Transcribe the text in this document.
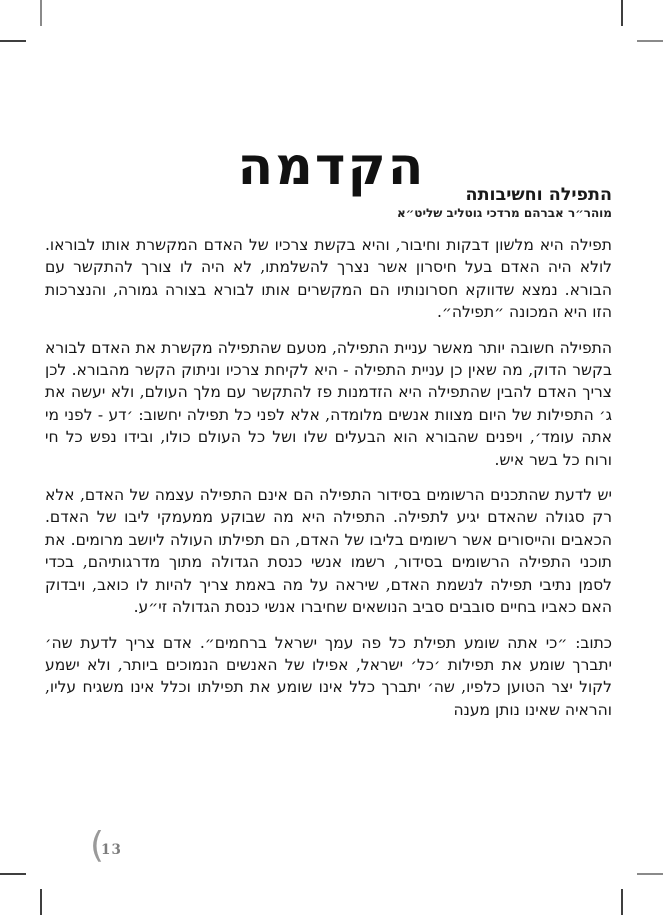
הקדמה	התפילה וחשיבותה
מוהר״ר אברהם מרדכי גוטליב שליט״א

תפילה היא מלשון דבקות וחיבור, והיא בקשת צרכיו של האדם המקשרת אותו לבוראו. לולא היה האדם בעל חיסרון אשר נצרך להשלמתו, לא היה לו צורך להתקשר עם הבורא. נמצא שדווקא חסרונותיו הם המקשרים אותו לבורא בצורה גמורה, והנצרכות הזו היא המכונה ״תפילה״.

התפילה חשובה יותר מאשר עניית התפילה, מטעם שהתפילה מקשרת את האדם לבורא בקשר הדוק, מה שאין כן עניית התפילה - היא לקיחת צרכיו וניתוק הקשר מהבורא. לכן צריך האדם להבין שהתפילה היא הזדמנות פז להתקשר עם מלך העולם, ולא יעשה את ג׳ התפילות של היום מצוות אנשים מלומדה, אלא לפני כל תפילה יחשוב: ׳דע - לפני מי אתה עומד׳, ויפנים שהבורא הוא הבעלים שלו ושל כל העולם כולו, ובידו נפש כל חי ורוח כל בשר איש.

יש לדעת שהתכנים הרשומים בסידור התפילה הם אינם התפילה עצמה של האדם, אלא רק סגולה שהאדם יגיע לתפילה. התפילה היא מה שבוקע ממעמקי ליבו של האדם. הכאבים והייסורים אשר רשומים בליבו של האדם, הם תפילתו העולה ליושב מרומים. את תוכני התפילה הרשומים בסידור, רשמו אנשי כנסת הגדולה מתוך מדרגותיהם, בכדי לסמן נתיבי תפילה לנשמת האדם, שיראה על מה באמת צריך להיות לו כואב, ויבדוק האם כאביו בחיים סובבים סביב הנושאים שחיברו אנשי כנסת הגדולה זי״ע.

כתוב: ״כי אתה שומע תפילת כל פה עמך ישראל ברחמים״. אדם צריך לדעת שה׳ יתברך שומע את תפילות ׳כל׳ ישראל, אפילו של האנשים הנמוכים ביותר, ולא ישמע לקול יצר הטוען כלפיו, שה׳ יתברך כלל אינו שומע את תפילתו וכלל אינו משגיח עליו, והראיה שאינו נותן מענה

(
13
